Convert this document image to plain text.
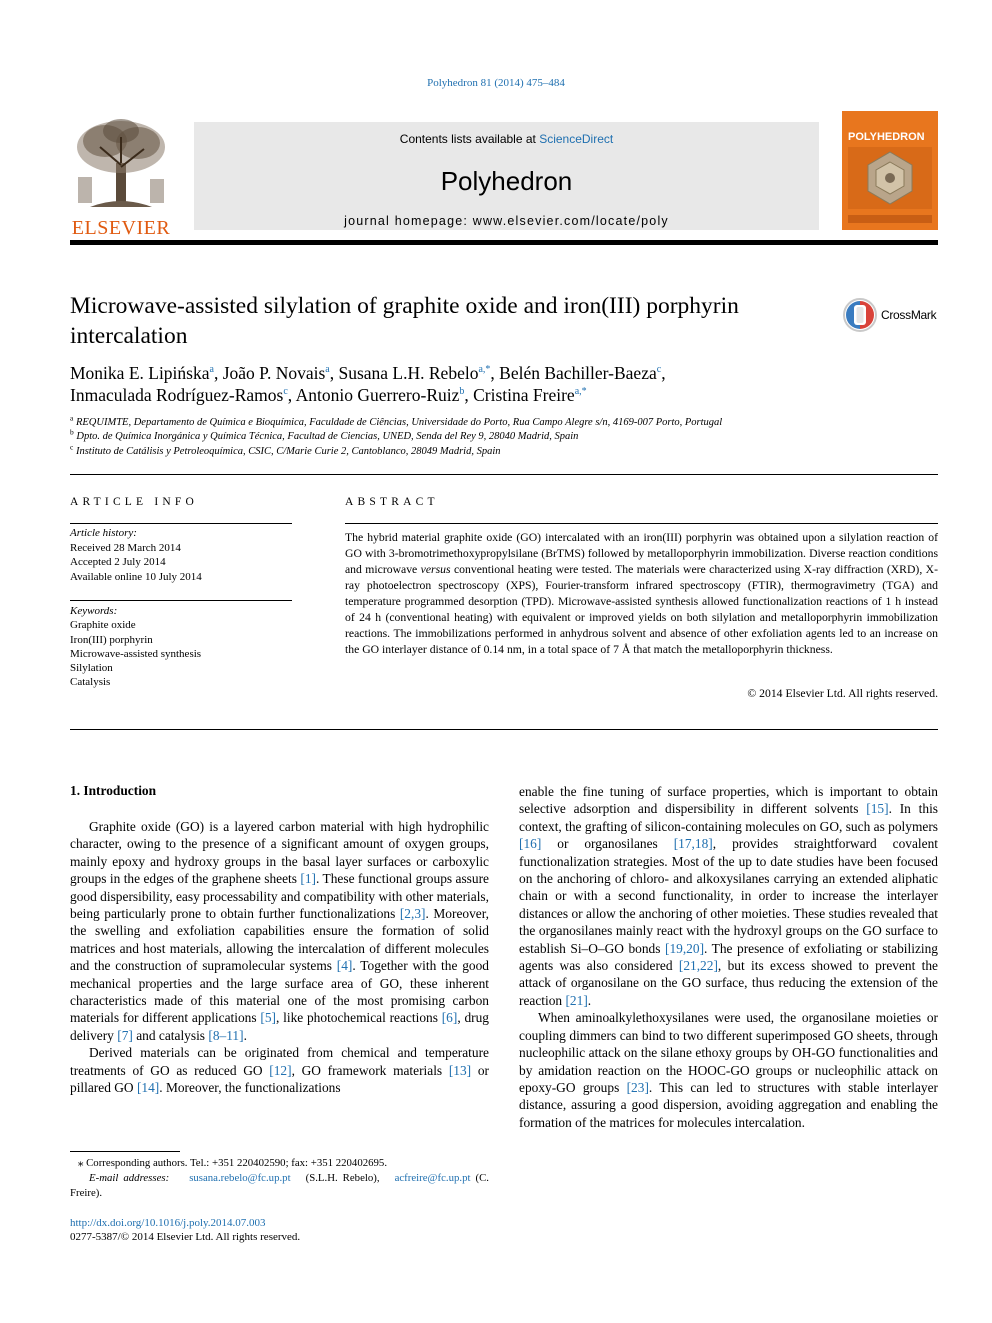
Polyhedron 81 (2014) 475–484
ELSEVIER
Contents lists available at ScienceDirect
Polyhedron
journal homepage: www.elsevier.com/locate/poly
POLYHEDRON
Microwave-assisted silylation of graphite oxide and iron(III) porphyrin intercalation
CrossMark
Monika E. Lipińska$^a$, João P. Novais$^a$, Susana L.H. Rebelo$^{a,*}$, Belén Bachiller-Baeza$^c$,
Inmaculada Rodríguez-Ramos$^c$, Antonio Guerrero-Ruiz$^b$, Cristina Freire$^{a,*}$
$^a$ REQUIMTE, Departamento de Química e Bioquímica, Faculdade de Ciências, Universidade do Porto, Rua Campo Alegre s/n, 4169-007 Porto, Portugal
$^b$ Dpto. de Química Inorgánica y Química Técnica, Facultad de Ciencias, UNED, Senda del Rey 9, 28040 Madrid, Spain
$^c$ Instituto de Catálisis y Petroleoquímica, CSIC, C/Marie Curie 2, Cantoblanco, 28049 Madrid, Spain
ARTICLE INFO
Article history:
Received 28 March 2014
Accepted 2 July 2014
Available online 10 July 2014
Keywords:
Graphite oxide
Iron(III) porphyrin
Microwave-assisted synthesis
Silylation
Catalysis
ABSTRACT
The hybrid material graphite oxide (GO) intercalated with an iron(III) porphyrin was obtained upon a silylation reaction of GO with 3-bromotrimethoxypropylsilane (BrTMS) followed by metalloporphyrin immobilization. Diverse reaction conditions and microwave versus conventional heating were tested. The materials were characterized using X-ray diffraction (XRD), X-ray photoelectron spectroscopy (XPS), Fourier-transform infrared spectroscopy (FTIR), thermogravimetry (TGA) and temperature programmed desorption (TPD). Microwave-assisted synthesis allowed functionalization reactions of 1 h instead of 24 h (conventional heating) with equivalent or improved yields on both silylation and metalloporphyrin immobilization reactions. The immobilizations performed in anhydrous solvent and absence of other exfoliation agents led to an increase on the GO interlayer distance of 0.14 nm, in a total space of 7 Å that match the metalloporphyrin thickness.
© 2014 Elsevier Ltd. All rights reserved.
1. Introduction

Graphite oxide (GO) is a layered carbon material with high hydrophilic character, owing to the presence of a significant amount of oxygen groups, mainly epoxy and hydroxy groups in the basal layer surfaces or carboxylic groups in the edges of the graphene sheets [1]. These functional groups assure good dispersibility, easy processability and compatibility with other materials, being particularly prone to obtain further functionalizations [2,3]. Moreover, the swelling and exfoliation capabilities ensure the formation of solid matrices and host materials, allowing the intercalation of different molecules and the construction of supramolecular systems [4]. Together with the good mechanical properties and the large surface area of GO, these inherent characteristics made of this material one of the most promising carbon materials for different applications [5], like photochemical reactions [6], drug delivery [7] and catalysis [8–11].

Derived materials can be originated from chemical and temperature treatments of GO as reduced GO [12], GO framework materials [13] or pillared GO [14]. Moreover, the functionalizations

enable the fine tuning of surface properties, which is important to obtain selective adsorption and dispersibility in different solvents [15]. In this context, the grafting of silicon-containing molecules on GO, such as polymers [16] or organosilanes [17,18], provides straightforward covalent functionalization strategies. Most of the up to date studies have been focused on the anchoring of chloro- and alkoxysilanes carrying an extended aliphatic chain or with a second functionality, in order to increase the interlayer distances or allow the anchoring of other moieties. These studies revealed that the organosilanes mainly react with the hydroxyl groups on the GO surface to establish Si–O–GO bonds [19,20]. The presence of exfoliating or stabilizing agents was also considered [21,22], but its excess showed to prevent the attack of organosilane on the GO surface, thus reducing the extension of the reaction [21].

When aminoalkylethoxysilanes were used, the organosilane moieties or coupling dimmers can bind to two different superimposed GO sheets, through nucleophilic attack on the silane ethoxy groups by OH-GO functionalities and by amidation reaction on the HOOC-GO groups or nucleophilic attack on epoxy-GO groups [23]. This can led to structures with stable interlayer distance, assuring a good dispersion, avoiding aggregation and enabling the formation of the matrices for molecules intercalation.

⁎ Corresponding authors. Tel.: +351 220402590; fax: +351 220402695.
E-mail addresses: susana.rebelo@fc.up.pt (S.L.H. Rebelo), acfreire@fc.up.pt (C. Freire).
http://dx.doi.org/10.1016/j.poly.2014.07.003
0277-5387/© 2014 Elsevier Ltd. All rights reserved.
